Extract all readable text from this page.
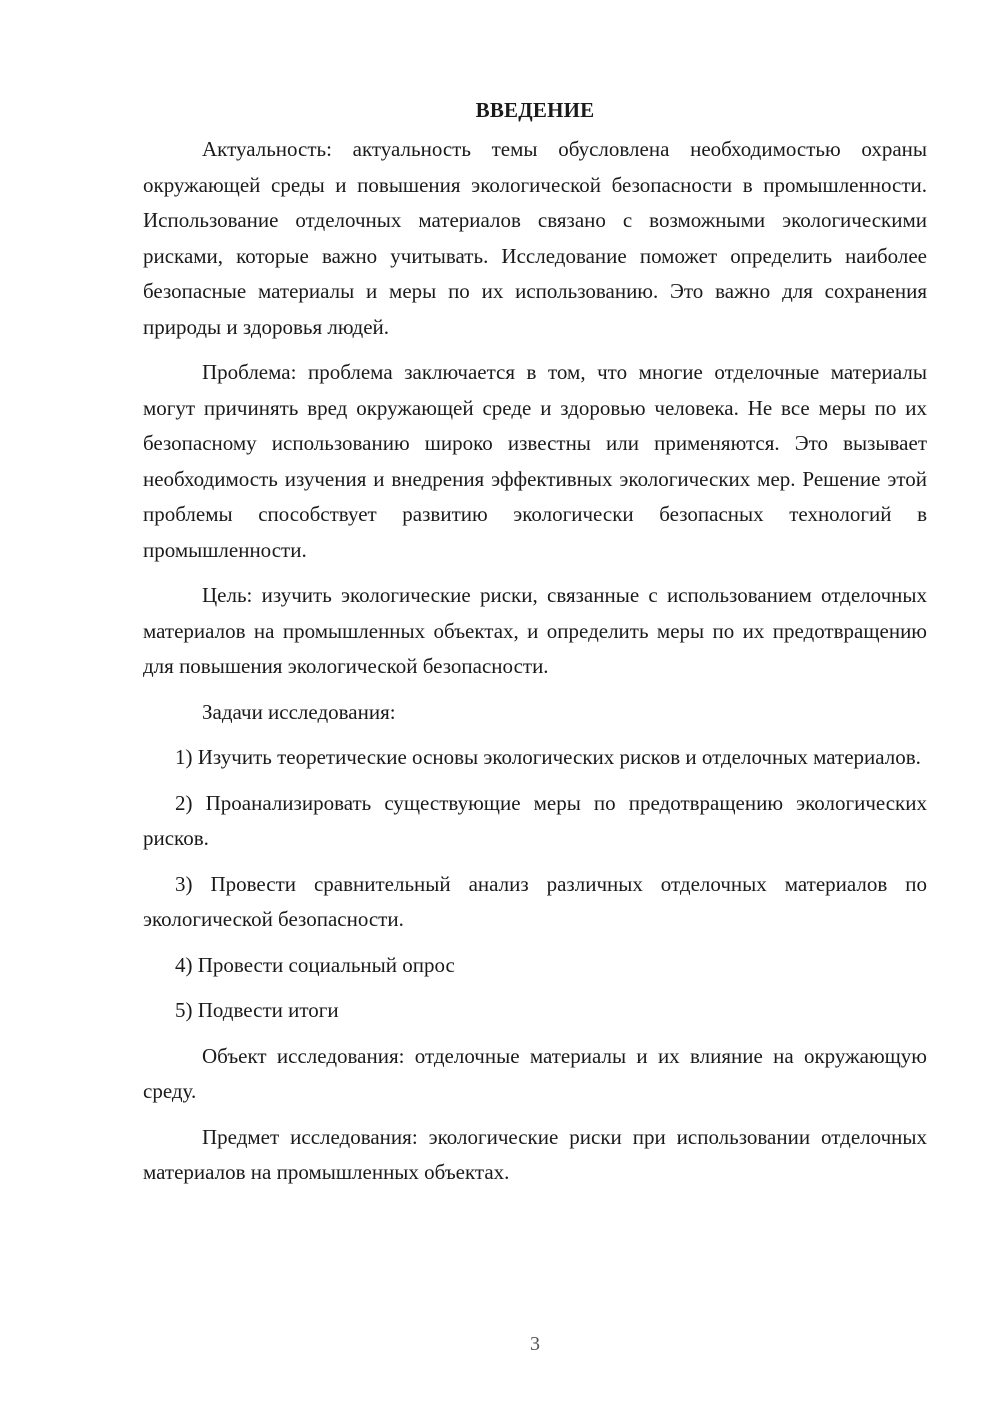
ВВЕДЕНИЕ

Актуальность: актуальность темы обусловлена необходимостью охраны окружающей среды и повышения экологической безопасности в промышленности. Использование отделочных материалов связано с возможными экологическими рисками, которые важно учитывать. Исследование поможет определить наиболее безопасные материалы и меры по их использованию. Это важно для сохранения природы и здоровья людей.

Проблема: проблема заключается в том, что многие отделочные материалы могут причинять вред окружающей среде и здоровью человека. Не все меры по их безопасному использованию широко известны или применяются. Это вызывает необходимость изучения и внедрения эффективных экологических мер. Решение этой проблемы способствует развитию экологически безопасных технологий в промышленности.

Цель: изучить экологические риски, связанные с использованием отделочных материалов на промышленных объектах, и определить меры по их предотвращению для повышения экологической безопасности.

Задачи исследования:

1) Изучить теоретические основы экологических рисков и отделочных материалов.

2) Проанализировать существующие меры по предотвращению экологических рисков.

3) Провести сравнительный анализ различных отделочных материалов по экологической безопасности.

4) Провести социальный опрос

5) Подвести итоги

Объект исследования: отделочные материалы и их влияние на окружающую среду.

Предмет исследования: экологические риски при использовании отделочных материалов на промышленных объектах.

3
